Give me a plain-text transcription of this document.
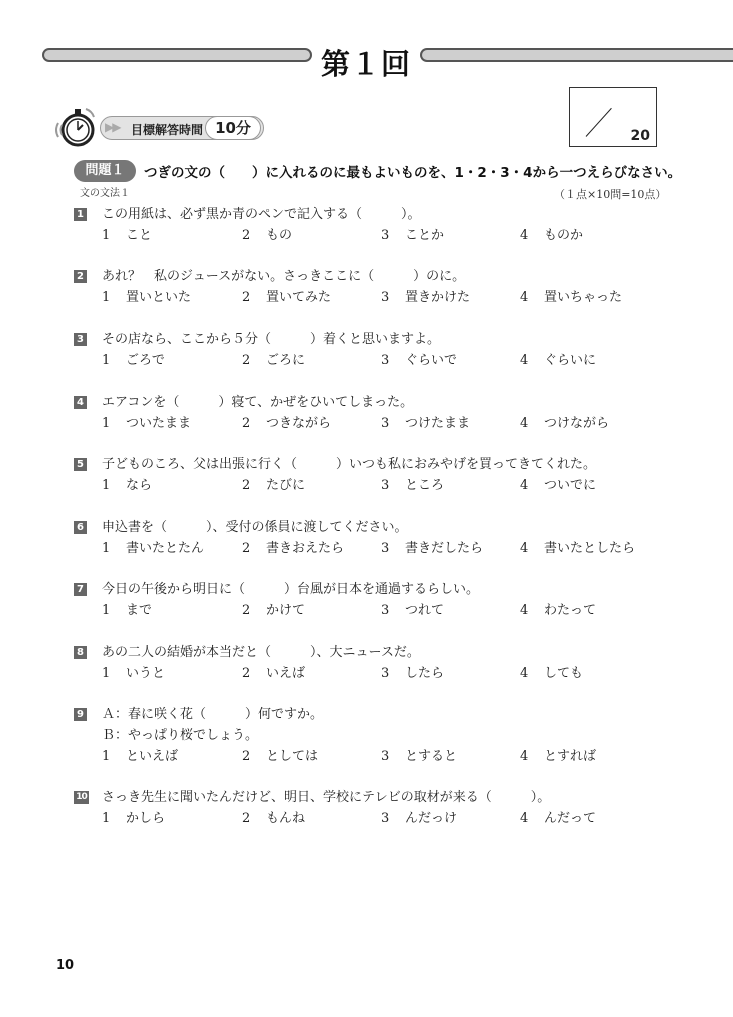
第１回
▶▶ 目標解答時間 10分	20
問題１	つぎの文の（　　）に入れるのに最もよいものを、1・2・3・4から一つえらびなさい。
文の文法１	（１点×10問=10点）
1 この用紙は、必ず黒か青のペンで記入する（　　　）。
1 こと	2 もの	3 ことか	4 ものか
2 あれ？　私のジュースがない。さっきここに（　　　）のに。
1 置いといた	2 置いてみた	3 置きかけた	4 置いちゃった
3 その店なら、ここから５分（　　　）着くと思いますよ。
1 ごろで	2 ごろに	3 ぐらいで	4 ぐらいに
4 エアコンを（　　　）寝て、かぜをひいてしまった。
1 ついたまま	2 つきながら	3 つけたまま	4 つけながら
5 子どものころ、父は出張に行く（　　　）いつも私におみやげを買ってきてくれた。
1 なら	2 たびに	3 ところ	4 ついでに
6 申込書を（　　　）、受付の係員に渡してください。
1 書いたとたん	2 書きおえたら	3 書きだしたら	4 書いたとしたら
7 今日の午後から明日に（　　　）台風が日本を通過するらしい。
1 まで	2 かけて	3 つれて	4 わたって
8 あの二人の結婚が本当だと（　　　）、大ニュースだ。
1 いうと	2 いえば	3 したら	4 しても
9 Ａ：春に咲く花（　　　）何ですか。
Ｂ：やっぱり桜でしょう。
1 といえば	2 としては	3 とすると	4 とすれば
10 さっき先生に聞いたんだけど、明日、学校にテレビの取材が来る（　　　）。
1 かしら	2 もんね	3 んだっけ	4 んだって
10
